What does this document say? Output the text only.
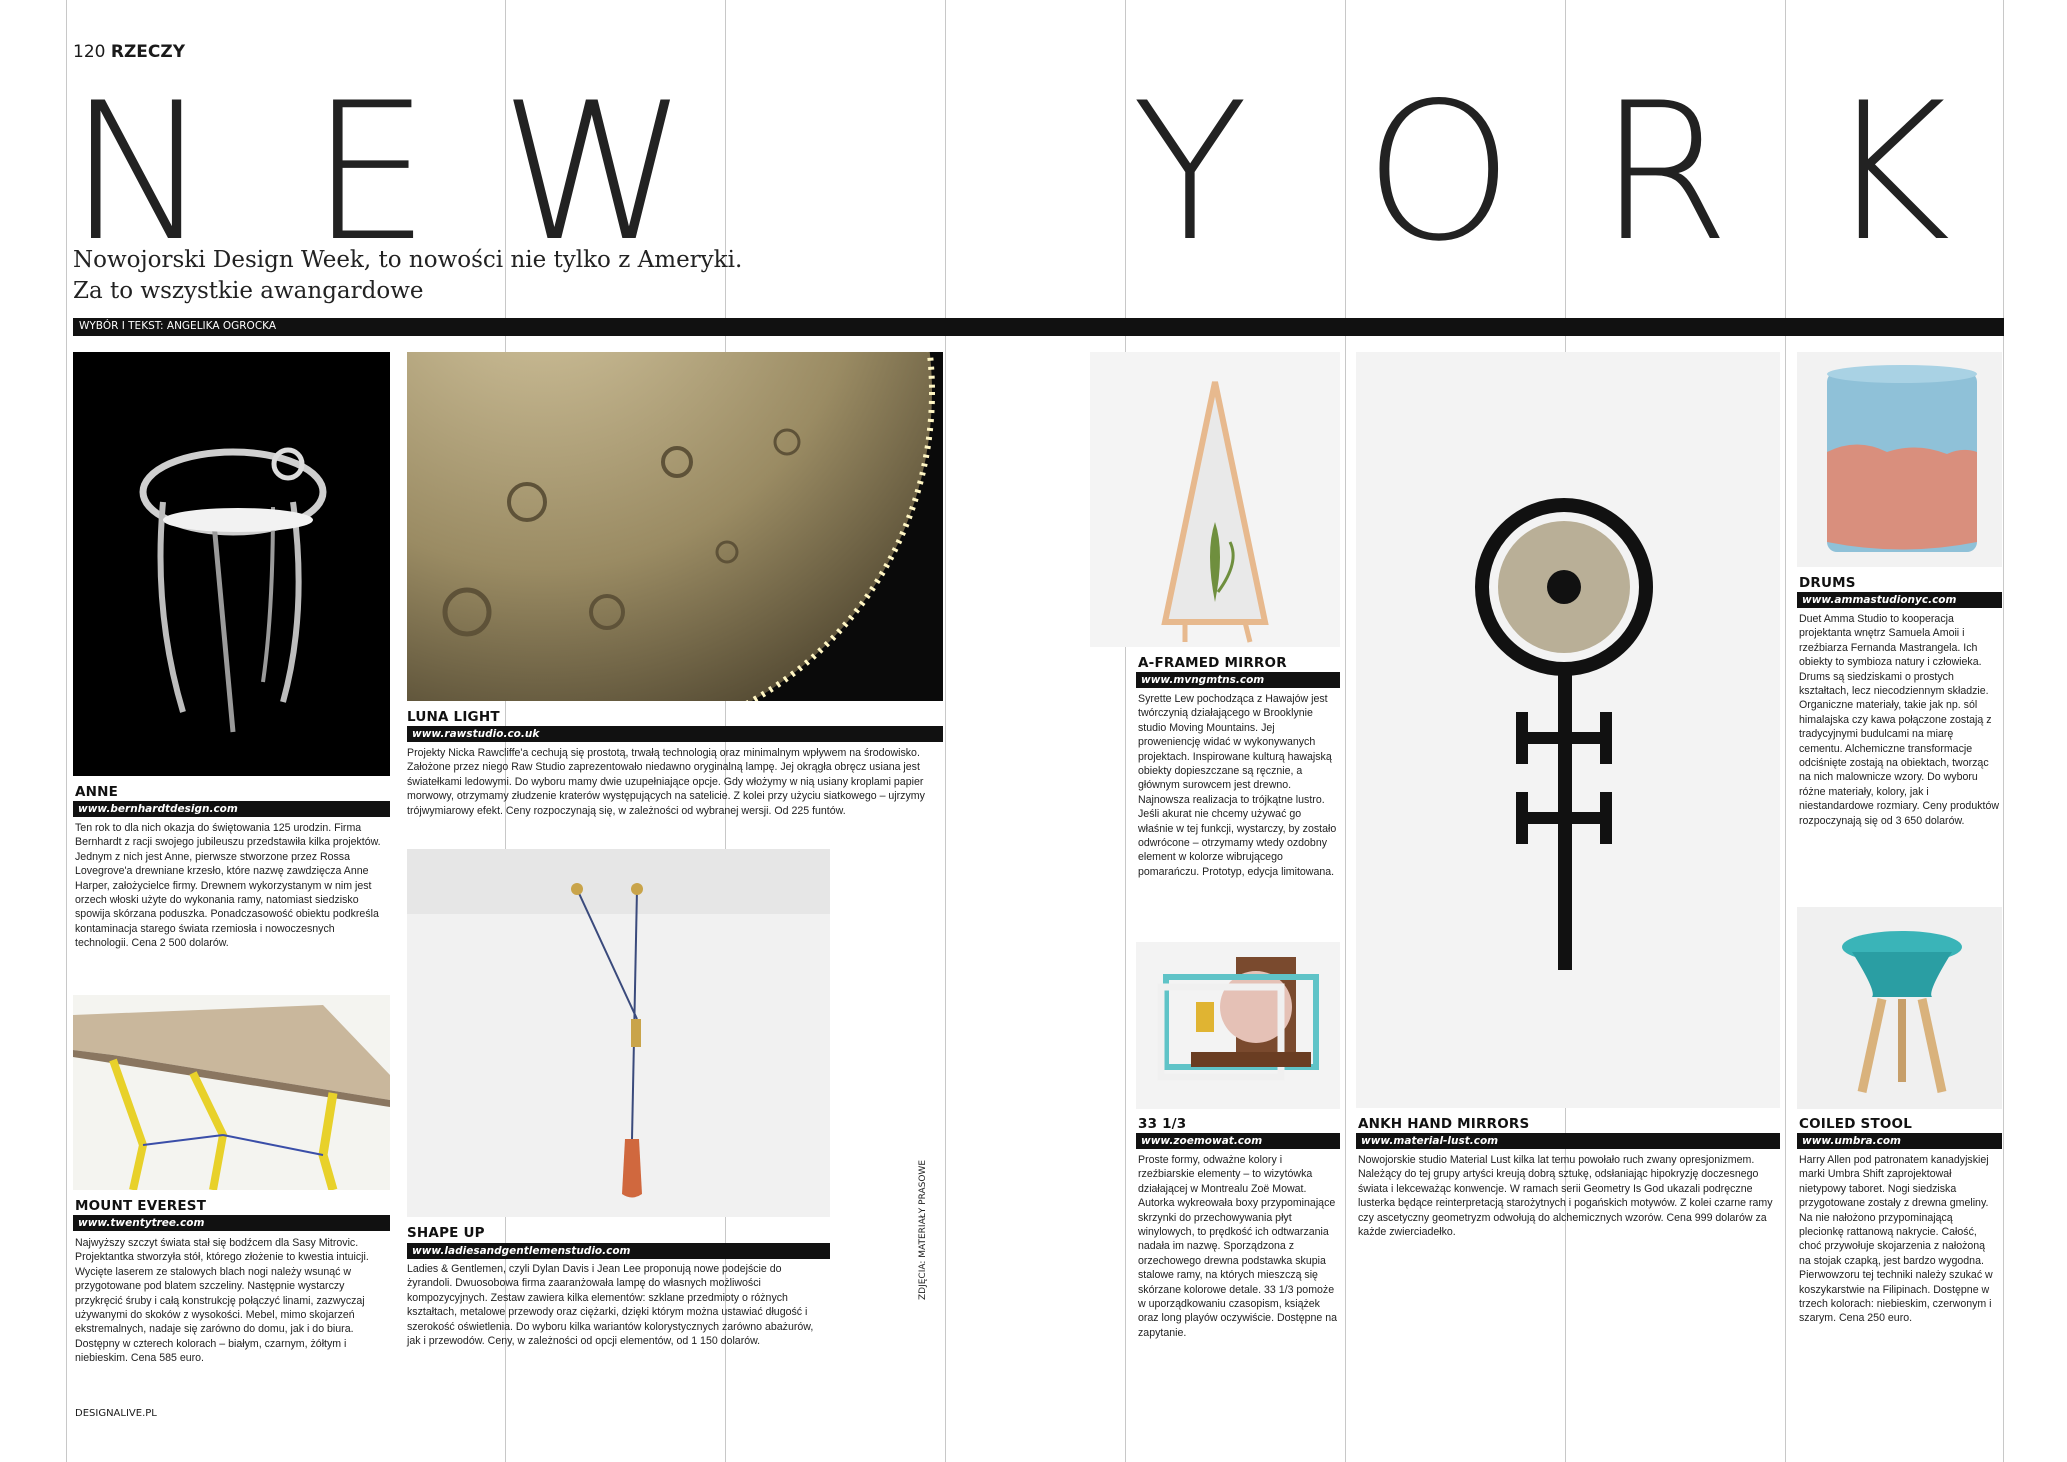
120 RZECZY
N E W Y O R K
Nowojorski Design Week, to nowości nie tylko z Ameryki.
Za to wszystkie awangardowe
WYBÓR I TEKST: ANGELIKA OGROCKA
ANNE
www.bernhardtdesign.com
Ten rok to dla nich okazja do świętowania 125 urodzin. Firma Bernhardt z racji swojego jubileuszu przedstawiła kilka projektów. Jednym z nich jest Anne, pierwsze stworzone przez Rossa Lovegrove'a drewniane krzesło, które nazwę zawdzięcza Anne Harper, założycielce firmy. Drewnem wykorzystanym w nim jest orzech włoski użyte do wykonania ramy, natomiast siedzisko spowija skórzana poduszka. Ponadczasowość obiektu podkreśla kontaminacja starego świata rzemiosła i nowoczesnych technologii. Cena 2 500 dolarów.
MOUNT EVEREST
www.twentytree.com
Najwyższy szczyt świata stał się bodźcem dla Sasy Mitrovic. Projektantka stworzyła stół, którego złożenie to kwestia intuicji. Wycięte laserem ze stalowych blach nogi należy wsunąć w przygotowane pod blatem szczeliny. Następnie wystarczy przykręcić śruby i całą konstrukcję połączyć linami, zazwyczaj używanymi do skoków z wysokości. Mebel, mimo skojarzeń ekstremalnych, nadaje się zarówno do domu, jak i do biura. Dostępny w czterech kolorach – białym, czarnym, żółtym i niebieskim. Cena 585 euro.
LUNA LIGHT
www.rawstudio.co.uk
Projekty Nicka Rawcliffe'a cechują się prostotą, trwałą technologią oraz minimalnym wpływem na środowisko. Założone przez niego Raw Studio zaprezentowało niedawno oryginalną lampę. Jej okrągła obręcz usiana jest światełkami ledowymi. Do wyboru mamy dwie uzupełniające opcje. Gdy włożymy w nią usiany kroplami papier morwowy, otrzymamy złudzenie kraterów występujących na satelicie. Z kolei przy użyciu siatkowego – ujrzymy trójwymiarowy efekt. Ceny rozpoczynają się, w zależności od wybranej wersji. Od 225 funtów.
SHAPE UP
www.ladiesandgentlemenstudio.com
Ladies & Gentlemen, czyli Dylan Davis i Jean Lee proponują nowe podejście do żyrandoli. Dwuosobowa firma zaaranżowała lampę do własnych możliwości kompozycyjnych. Zestaw zawiera kilka elementów: szklane przedmioty o różnych kształtach, metalowe przewody oraz ciężarki, dzięki którym można ustawiać długość i szerokość oświetlenia. Do wyboru kilka wariantów kolorystycznych zarówno abażurów, jak i przewodów. Ceny, w zależności od opcji elementów, od 1 150 dolarów.
ZDJĘCIA: MATERIAŁY PRASOWE
A-FRAMED MIRROR
www.mvngmtns.com
Syrette Lew pochodząca z Hawajów jest twórczynią działającego w Brooklynie studio Moving Mountains. Jej proweniencję widać w wykonywanych projektach. Inspirowane kulturą hawajską obiekty dopieszczane są ręcznie, a głównym surowcem jest drewno. Najnowsza realizacja to trójkątne lustro. Jeśli akurat nie chcemy używać go właśnie w tej funkcji, wystarczy, by zostało odwrócone – otrzymamy wtedy ozdobny element w kolorze wibrującego pomarańczu. Prototyp, edycja limitowana.
33 1/3
www.zoemowat.com
Proste formy, odważne kolory i rzeźbiarskie elementy – to wizytówka działającej w Montrealu Zoë Mowat. Autorka wykreowała boxy przypominające skrzynki do przechowywania płyt winylowych, to prędkość ich odtwarzania nadała im nazwę. Sporządzona z orzechowego drewna podstawka skupia stalowe ramy, na których mieszczą się skórzane kolorowe detale. 33 1/3 pomoże w uporządkowaniu czasopism, książek oraz long playów oczywiście. Dostępne na zapytanie.
ANKH HAND MIRRORS
www.material-lust.com
Nowojorskie studio Material Lust kilka lat temu powołało ruch zwany opresjonizmem. Należący do tej grupy artyści kreują dobrą sztukę, odsłaniając hipokryzję doczesnego świata i lekceważąc konwencje. W ramach serii Geometry Is God ukazali podręczne lusterka będące reinterpretacją starożytnych i pogańskich motywów. Z kolei czarne ramy czy ascetyczny geometryzm odwołują do alchemicznych wzorów. Cena 999 dolarów za każde zwierciadełko.
DRUMS
www.ammastudionyc.com
Duet Amma Studio to kooperacja projektanta wnętrz Samuela Amoii i rzeźbiarza Fernanda Mastrangela. Ich obiekty to symbioza natury i człowieka. Drums są siedziskami o prostych kształtach, lecz niecodziennym składzie. Organiczne materiały, takie jak np. sól himalajska czy kawa połączone zostają z tradycyjnymi budulcami na miarę cementu. Alchemiczne transformacje odciśnięte zostają na obiektach, tworząc na nich malownicze wzory. Do wyboru różne materiały, kolory, jak i niestandardowe rozmiary. Ceny produktów rozpoczynają się od 3 650 dolarów.
COILED STOOL
www.umbra.com
Harry Allen pod patronatem kanadyjskiej marki Umbra Shift zaprojektował nietypowy taboret. Nogi siedziska przygotowane zostały z drewna gmeliny. Na nie nałożono przypominającą plecionkę rattanową nakrycie. Całość, choć przywołuje skojarzenia z nałożoną na stojak czapką, jest bardzo wygodna. Pierwowzoru tej techniki należy szukać w koszykarstwie na Filipinach. Dostępne w trzech kolorach: niebieskim, czerwonym i szarym. Cena 250 euro.
DESIGNALIVE.PL
